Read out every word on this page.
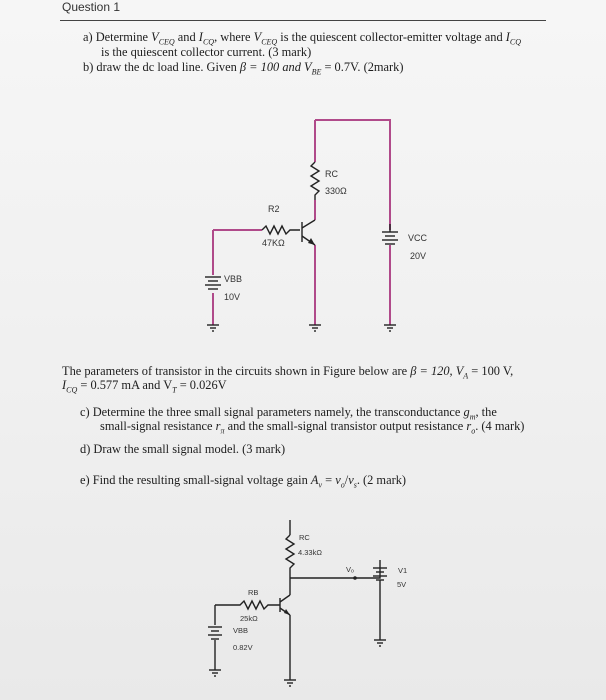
Question 1
a) Determine $V_{CEQ}$ and $I_{CQ}$, where $V_{CEQ}$ is the quiescent collector-emitter voltage and $I_{CQ}$
is the quiescent collector current. (3 mark)
b) draw the dc load line. Given β = 100 and $V_{BE} = 0.7V$. (2mark)
RC
330Ω
R2
47KΩ	VCC
20V
VBB
10V
The parameters of transistor in the circuits shown in Figure below are β = 120, $V_A = 100$ V,
$I_{CQ} = 0.577$ mA and $V_T = 0.026V$
c) Determine the three small signal parameters namely, the transconductance $g_m$, the
small-signal resistance $r_\pi$ and the small-signal transistor output resistance $r_o$. (4 mark)
d) Draw the small signal model. (3 mark)
e) Find the resulting small-signal voltage gain $A_v = v_o/v_s$. (2 mark)
RC
4.33kΩ
Vₒ	V1
5V
RB
25kΩ
VBB
0.82V
